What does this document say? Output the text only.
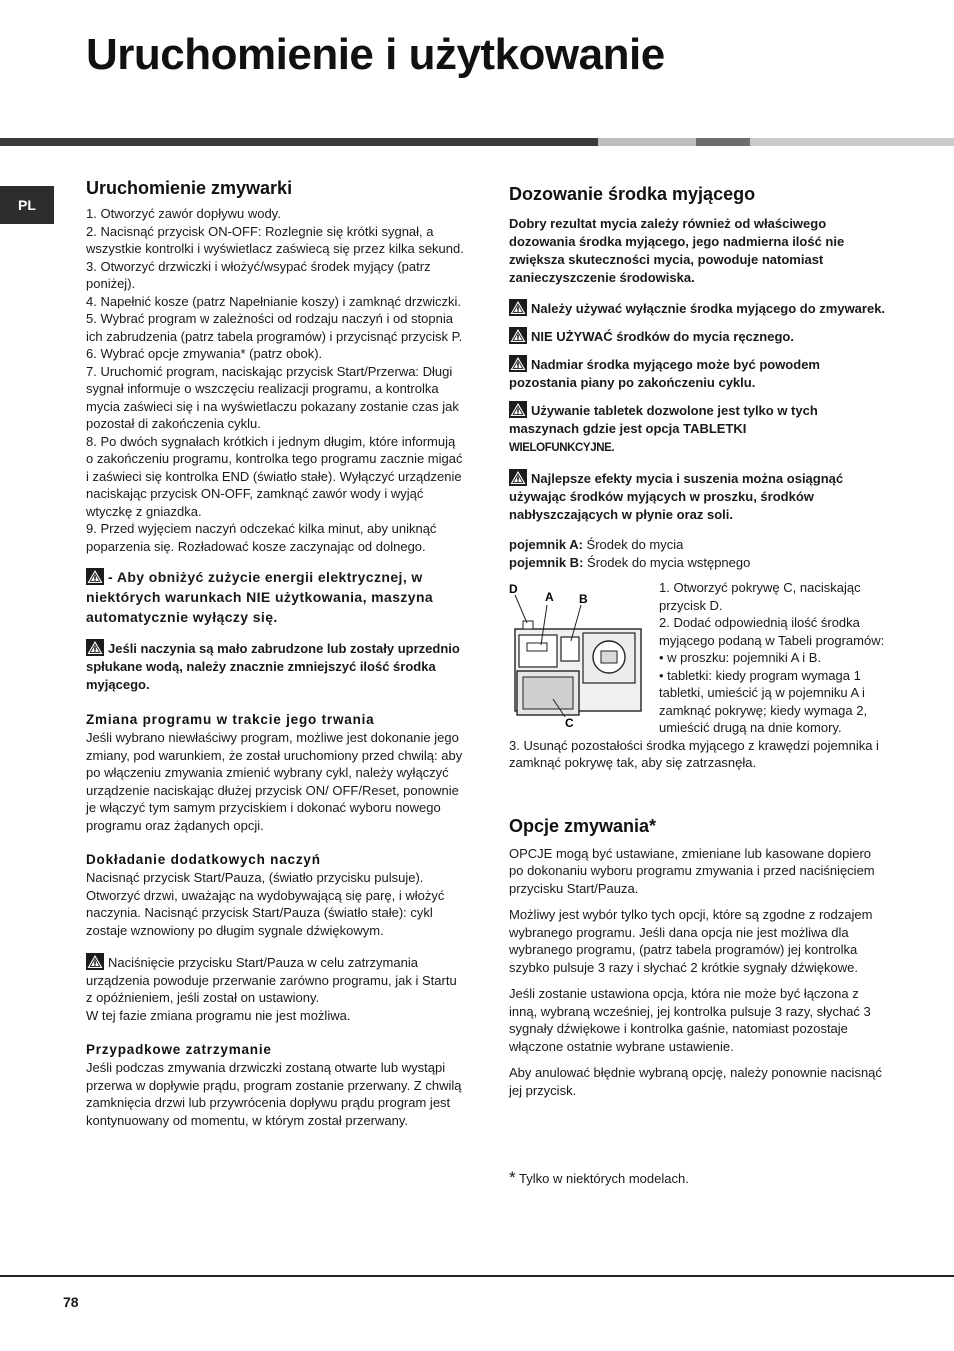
Uruchomienie i użytkowanie
PL
Uruchomienie zmywarki

1. Otworzyć zawór dopływu wody.

2. Nacisnąć przycisk ON-OFF: Rozlegnie się krótki sygnał, a wszystkie kontrolki i wyświetlacz zaświecą się przez kilka sekund.

3. Otworzyć drzwiczki i włożyć/wsypać środek myjący (patrz poniżej).

4. Napełnić kosze (patrz Napełnianie koszy) i zamknąć drzwiczki.

5. Wybrać program w zależności od rodzaju naczyń i od stopnia ich zabrudzenia (patrz tabela programów) i przycisnąć przycisk P.

6. Wybrać opcje zmywania* (patrz obok).

7. Uruchomić program, naciskając przycisk Start/Przerwa: Długi sygnał informuje o wszczęciu realizacji programu, a kontrolka mycia zaświeci się i na wyświetlaczu pokazany zostanie czas jak pozostał di zakończenia cyklu.

8. Po dwóch sygnałach krótkich i jednym długim, które informują o zakończeniu programu, kontrolka tego programu zacznie migać i zaświeci się kontrolka END (światło stałe). Wyłączyć urządzenie naciskając przycisk ON-OFF, zamknąć zawór wody i wyjąć wtyczkę z gniazdka.

9. Przed wyjęciem naczyń odczekać kilka minut, aby uniknąć poparzenia się. Rozładować kosze zaczynając od dolnego.

- Aby obniżyć zużycie energii elektrycznej, w niektórych warunkach NIE użytkowania, maszyna automatycznie wyłączy się.

Jeśli naczynia są mało zabrudzone lub zostały uprzednio spłukane wodą, należy znacznie zmniejszyć ilość środka myjącego.

Zmiana programu w trakcie jego trwania

Jeśli wybrano niewłaściwy program, możliwe jest dokonanie jego zmiany, pod warunkiem, że został uruchomiony przed chwilą: aby po włączeniu zmywania zmienić wybrany cykl, należy wyłączyć urządzenie naciskając dłużej przycisk ON/ OFF/Reset, ponownie je włączyć tym samym przyciskiem i dokonać wyboru nowego programu oraz żądanych opcji.

Dokładanie dodatkowych naczyń

Nacisnąć przycisk Start/Pauza, (światło przycisku pulsuje). Otworzyć drzwi, uważając na wydobywającą się parę, i włożyć naczynia. Nacisnąć przycisk Start/Pauza (światło stałe): cykl zostaje wznowiony po długim sygnale dźwiękowym.

Naciśnięcie przycisku Start/Pauza w celu zatrzymania urządzenia powoduje przerwanie zarówno programu, jak i Startu z opóźnieniem, jeśli został on ustawiony.

W tej fazie zmiana programu nie jest możliwa.

Przypadkowe zatrzymanie

Jeśli podczas zmywania drzwiczki zostaną otwarte lub wystąpi przerwa w dopływie prądu, program zostanie przerwany. Z chwilą zamknięcia drzwi lub przywrócenia dopływu prądu program jest kontynuowany od momentu, w którym został przerwany.

Dozowanie środka myjącego

Dobry rezultat mycia zależy również od właściwego dozowania środka myjącego, jego nadmierna ilość nie zwiększa skuteczności mycia, powoduje natomiast zanieczyszczenie środowiska.

Należy używać wyłącznie środka myjącego do zmywarek.

NIE UŻYWAĆ środków do mycia ręcznego.

Nadmiar środka myjącego może być powodem pozostania piany po zakończeniu cyklu.

Używanie tabletek dozwolone jest tylko w tych maszynach gdzie jest opcja TABLETKI
WIELOFUNKCYJNE.

Najlepsze efekty mycia i suszenia można osiągnąć używając środków myjących w proszku, środków nabłyszczających w płynie oraz soli.

pojemnik A: Środek do mycia

pojemnik B: Środek do mycia wstępnego

D
A B
C

1. Otworzyć pokrywę C, naciskając przycisk D.

2. Dodać odpowiednią ilość środka myjącego podaną w Tabeli programów:

• w proszku: pojemniki A i B.

• tabletki: kiedy program wymaga 1 tabletki, umieścić ją w pojemniku A i zamknąć pokrywę; kiedy wymaga 2, umieścić drugą na dnie komory.

3. Usunąć pozostałości środka myjącego z krawędzi pojemnika i zamknąć pokrywę tak, aby się zatrzasnęła.

Opcje zmywania*

OPCJE mogą być ustawiane, zmieniane lub kasowane dopiero po dokonaniu wyboru programu zmywania i przed naciśnięciem przycisku Start/Pauza.

Możliwy jest wybór tylko tych opcji, które są zgodne z rodzajem wybranego programu. Jeśli dana opcja nie jest możliwa dla wybranego programu, (patrz tabela programów) jej kontrolka szybko pulsuje 3 razy i słychać 2 krótkie sygnały dźwiękowe.

Jeśli zostanie ustawiona opcja, która nie może być łączona z inną, wybraną wcześniej, jej kontrolka pulsuje 3 razy, słychać 3 sygnały dźwiękowe i kontrolka gaśnie, natomiast pozostaje włączone ostatnie wybrane ustawienie.

Aby anulować błędnie wybraną opcję, należy ponownie nacisnąć jej przycisk.

* Tylko w niektórych modelach.

78
